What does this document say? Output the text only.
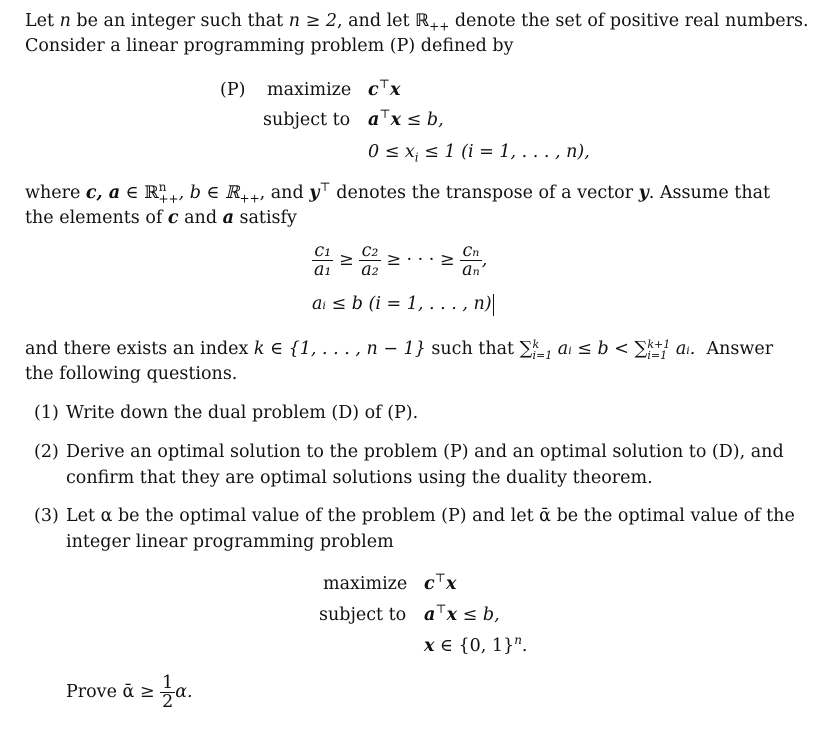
Let n be an integer such that n ≥ 2, and let ℝ$_{++}$ denote the set of positive real numbers.
Consider a linear programming problem (P) defined by
(P) maximize c⊤x
subject to a⊤x ≤ b,
$0 \le x_i \le 1$ (i = 1, . . . , n),
where c, a ∈ ℝ$^n_{++}$, b ∈ ℝ$_{++}$, and y⊤ denotes the transpose of a vector y. Assume that
the elements of c and a satisfy
$\frac{\text{c₁}}{\text{a₁}} \ge \frac{\text{c₂}}{\text{a₂}}$ ≥ · · · ≥ $\frac{\text{cₙ}}{\text{aₙ}}$ ,
aᵢ ≤ b (i = 1, . . . , n)
and there exists an index k ∈ {1, . . . , n − 1} such that ∑ k
i=1 aᵢ ≤ b < ∑ k+1
i=1 aᵢ.  Answer
the following questions.
(1) Write down the dual problem (D) of (P).
(2) Derive an optimal solution to the problem (P) and an optimal solution to (D), and
confirm that they are optimal solutions using the duality theorem.
(3) Let α be the optimal value of the problem (P) and let ᾱ be the optimal value of the
integer linear programming problem
maximize c⊤x
subject to a⊤x ≤ b,
x ∈ {0, 1}$^n$.
Prove ᾱ ≥ $\frac{1}{2} \alpha$.
